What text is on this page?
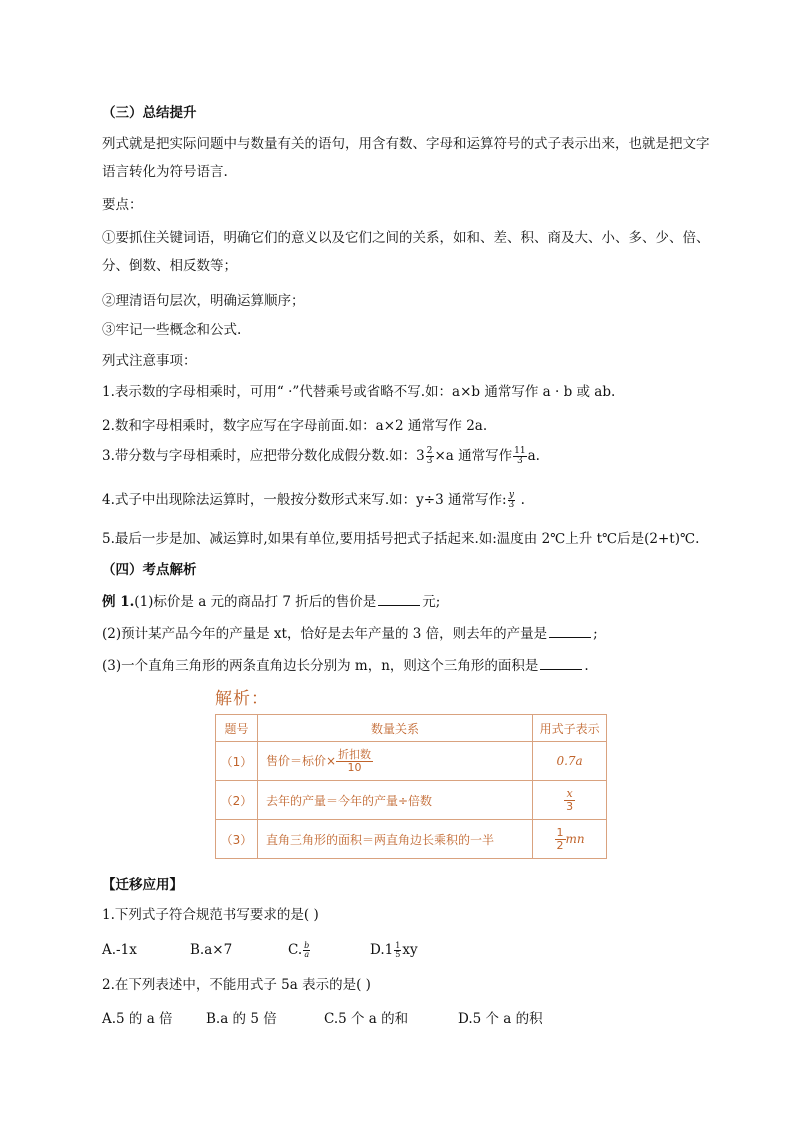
（三）总结提升
列式就是把实际问题中与数量有关的语句，用含有数、字母和运算符号的式子表示出来，也就是把文字语言转化为符号语言.
要点：
①要抓住关键词语，明确它们的意义以及它们之间的关系，如和、差、积、商及大、小、多、少、倍、分、倒数、相反数等；
②理清语句层次，明确运算顺序；
③牢记一些概念和公式.
列式注意事项：
1.表示数的字母相乘时，可用“ ·”代替乘号或省略不写.如：a×b 通常写作 a · b 或 ab.
2.数和字母相乘时，数字应写在字母前面.如：a×2 通常写作 2a.
3.带分数与字母相乘时，应把带分数化成假分数.如：$3 \frac{2}{3} \times a$ 通常写作 $\frac{11}{3} a$.
4.式子中出现除法运算时，一般按分数形式来写.如：y÷3 通常写作: $\frac{y}{3}$ .
5.最后一步是加、减运算时,如果有单位,要用括号把式子括起来.如:温度由 2℃上升 t℃后是(2+t)℃.
（四）考点解析
例 1.(1)标价是 a 元的商品打 7 折后的售价是	元;
(2)预计某产品今年的产量是 xt，恰好是去年产量的 3 倍，则去年的产量是	;
(3)一个直角三角形的两条直角边长分别为 m，n，则这个三角形的面积是	.
解析：
题号	数量关系	用式子表示
（1）	售价＝标价× $\frac{\text{折扣数}}{10}$	0.7a
（2）	去年的产量＝今年的产量÷倍数	$\frac{x}{3}$

（3）	直角三角形的面积＝两直角边长乘积的一半	$\frac{1}{2}$ mn
【迁移应用】
1.下列式子符合规范书写要求的是( )
A.-1x	B.a×7	C. $\frac{b}{a}$	$D.1 \frac{1}{5}$ xy
2.在下列表述中，不能用式子 5a 表示的是( )
A.5 的 a 倍 B.a 的 5 倍	C.5 个 a 的和	D.5 个 a 的积
